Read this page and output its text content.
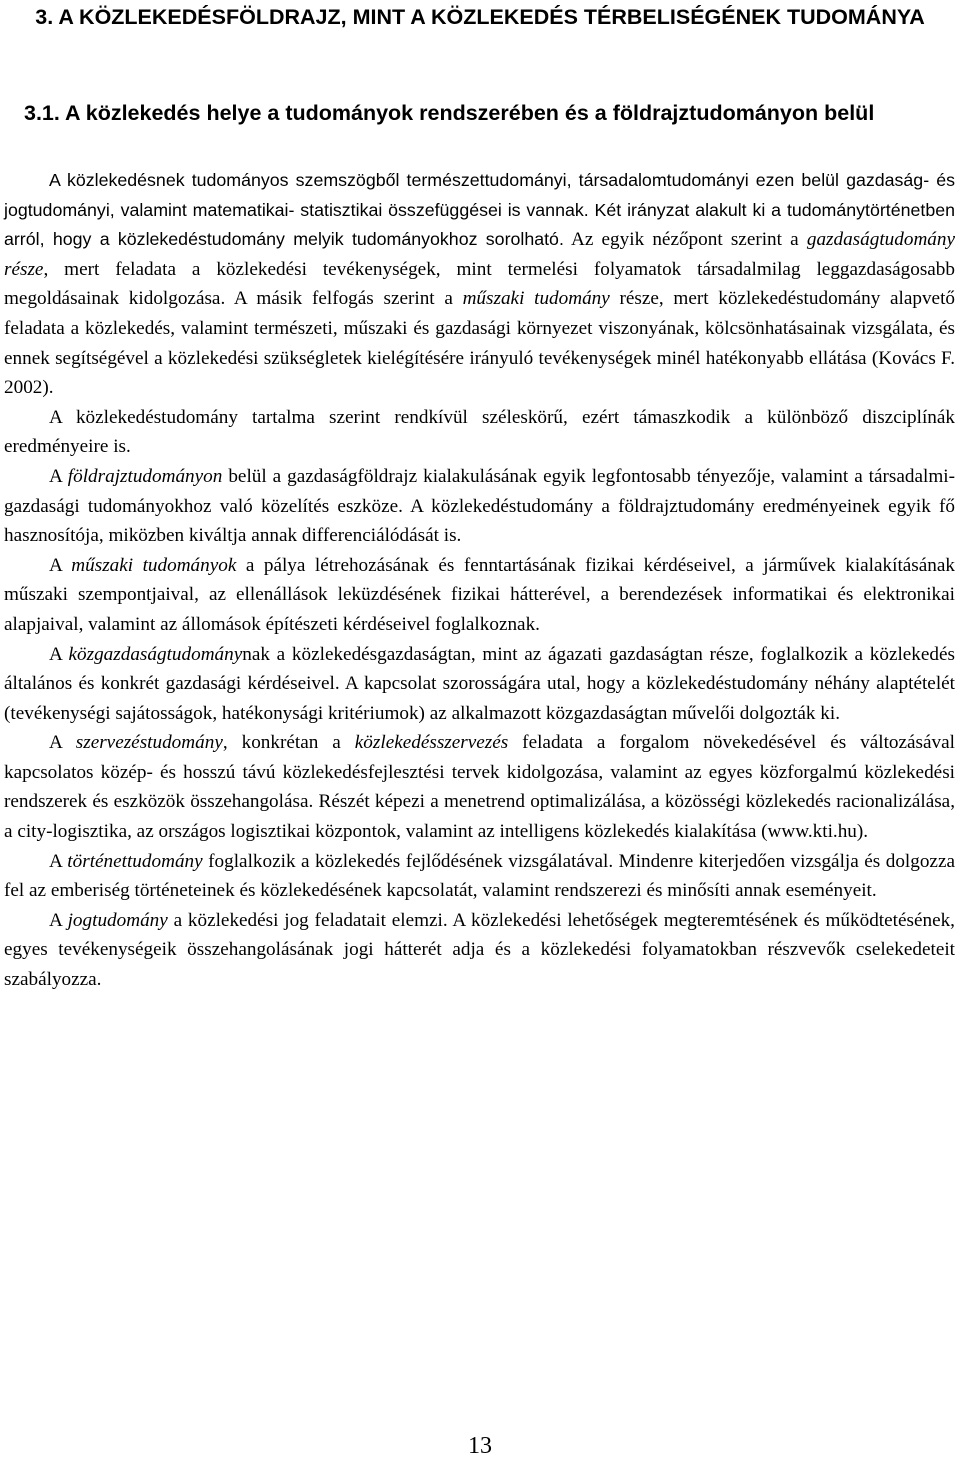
3. A KÖZLEKEDÉSFÖLDRAJZ, MINT A KÖZLEKEDÉS TÉRBELISÉGÉNEK TUDOMÁNYA
3.1. A közlekedés helye a tudományok rendszerében és a földrajztudományon belül

A közlekedésnek tudományos szemszögből természettudományi, társadalomtudományi ezen belül gazdaság- és jogtudományi, valamint matematikai- statisztikai összefüggései is vannak. Két irányzat alakult ki a tudománytörténetben arról, hogy a közlekedéstudomány melyik tudományokhoz sorolható. Az egyik nézőpont szerint a gazdaságtudomány része, mert feladata a közlekedési tevékenységek, mint termelési folyamatok társadalmilag leggazdaságosabb megoldásainak kidolgozása. A másik felfogás szerint a műszaki tudomány része, mert közlekedéstudomány alapvető feladata a közlekedés, valamint természeti, műszaki és gazdasági környezet viszonyának, kölcsönhatásainak vizsgálata, és ennek segítségével a közlekedési szükségletek kielégítésére irányuló tevékenységek minél hatékonyabb ellátása (Kovács F. 2002).

A közlekedéstudomány tartalma szerint rendkívül széleskörű, ezért támaszkodik a különböző diszciplínák eredményeire is.

A földrajztudományon belül a gazdaságföldrajz kialakulásának egyik legfontosabb tényezője, valamint a társadalmi-gazdasági tudományokhoz való közelítés eszköze. A közlekedéstudomány a földrajztudomány eredményeinek egyik fő hasznosítója, miközben kiváltja annak differenciálódását is.

A műszaki tudományok a pálya létrehozásának és fenntartásának fizikai kérdéseivel, a járművek kialakításának műszaki szempontjaival, az ellenállások leküzdésének fizikai hátterével, a berendezések informatikai és elektronikai alapjaival, valamint az állomások építészeti kérdéseivel foglalkoznak.

A közgazdaságtudománynak a közlekedésgazdaságtan, mint az ágazati gazdaságtan része, foglalkozik a közlekedés általános és konkrét gazdasági kérdéseivel. A kapcsolat szorosságára utal, hogy a közlekedéstudomány néhány alaptételét (tevékenységi sajátosságok, hatékonysági kritériumok) az alkalmazott közgazdaságtan művelői dolgozták ki.

A szervezéstudomány, konkrétan a közlekedésszervezés feladata a forgalom növekedésével és változásával kapcsolatos közép- és hosszú távú közlekedésfejlesztési tervek kidolgozása, valamint az egyes közforgalmú közlekedési rendszerek és eszközök összehangolása. Részét képezi a menetrend optimalizálása, a közösségi közlekedés racionalizálása, a city-logisztika, az országos logisztikai központok, valamint az intelligens közlekedés kialakítása (www.kti.hu).

A történettudomány foglalkozik a közlekedés fejlődésének vizsgálatával. Mindenre kiterjedően vizsgálja és dolgozza fel az emberiség történeteinek és közlekedésének kapcsolatát, valamint rendszerezi és minősíti annak eseményeit.

A jogtudomány a közlekedési jog feladatait elemzi. A közlekedési lehetőségek megteremtésének és működtetésének, egyes tevékenységeik összehangolásának jogi hátterét adja és a közlekedési folyamatokban részvevők cselekedeteit szabályozza.

13
